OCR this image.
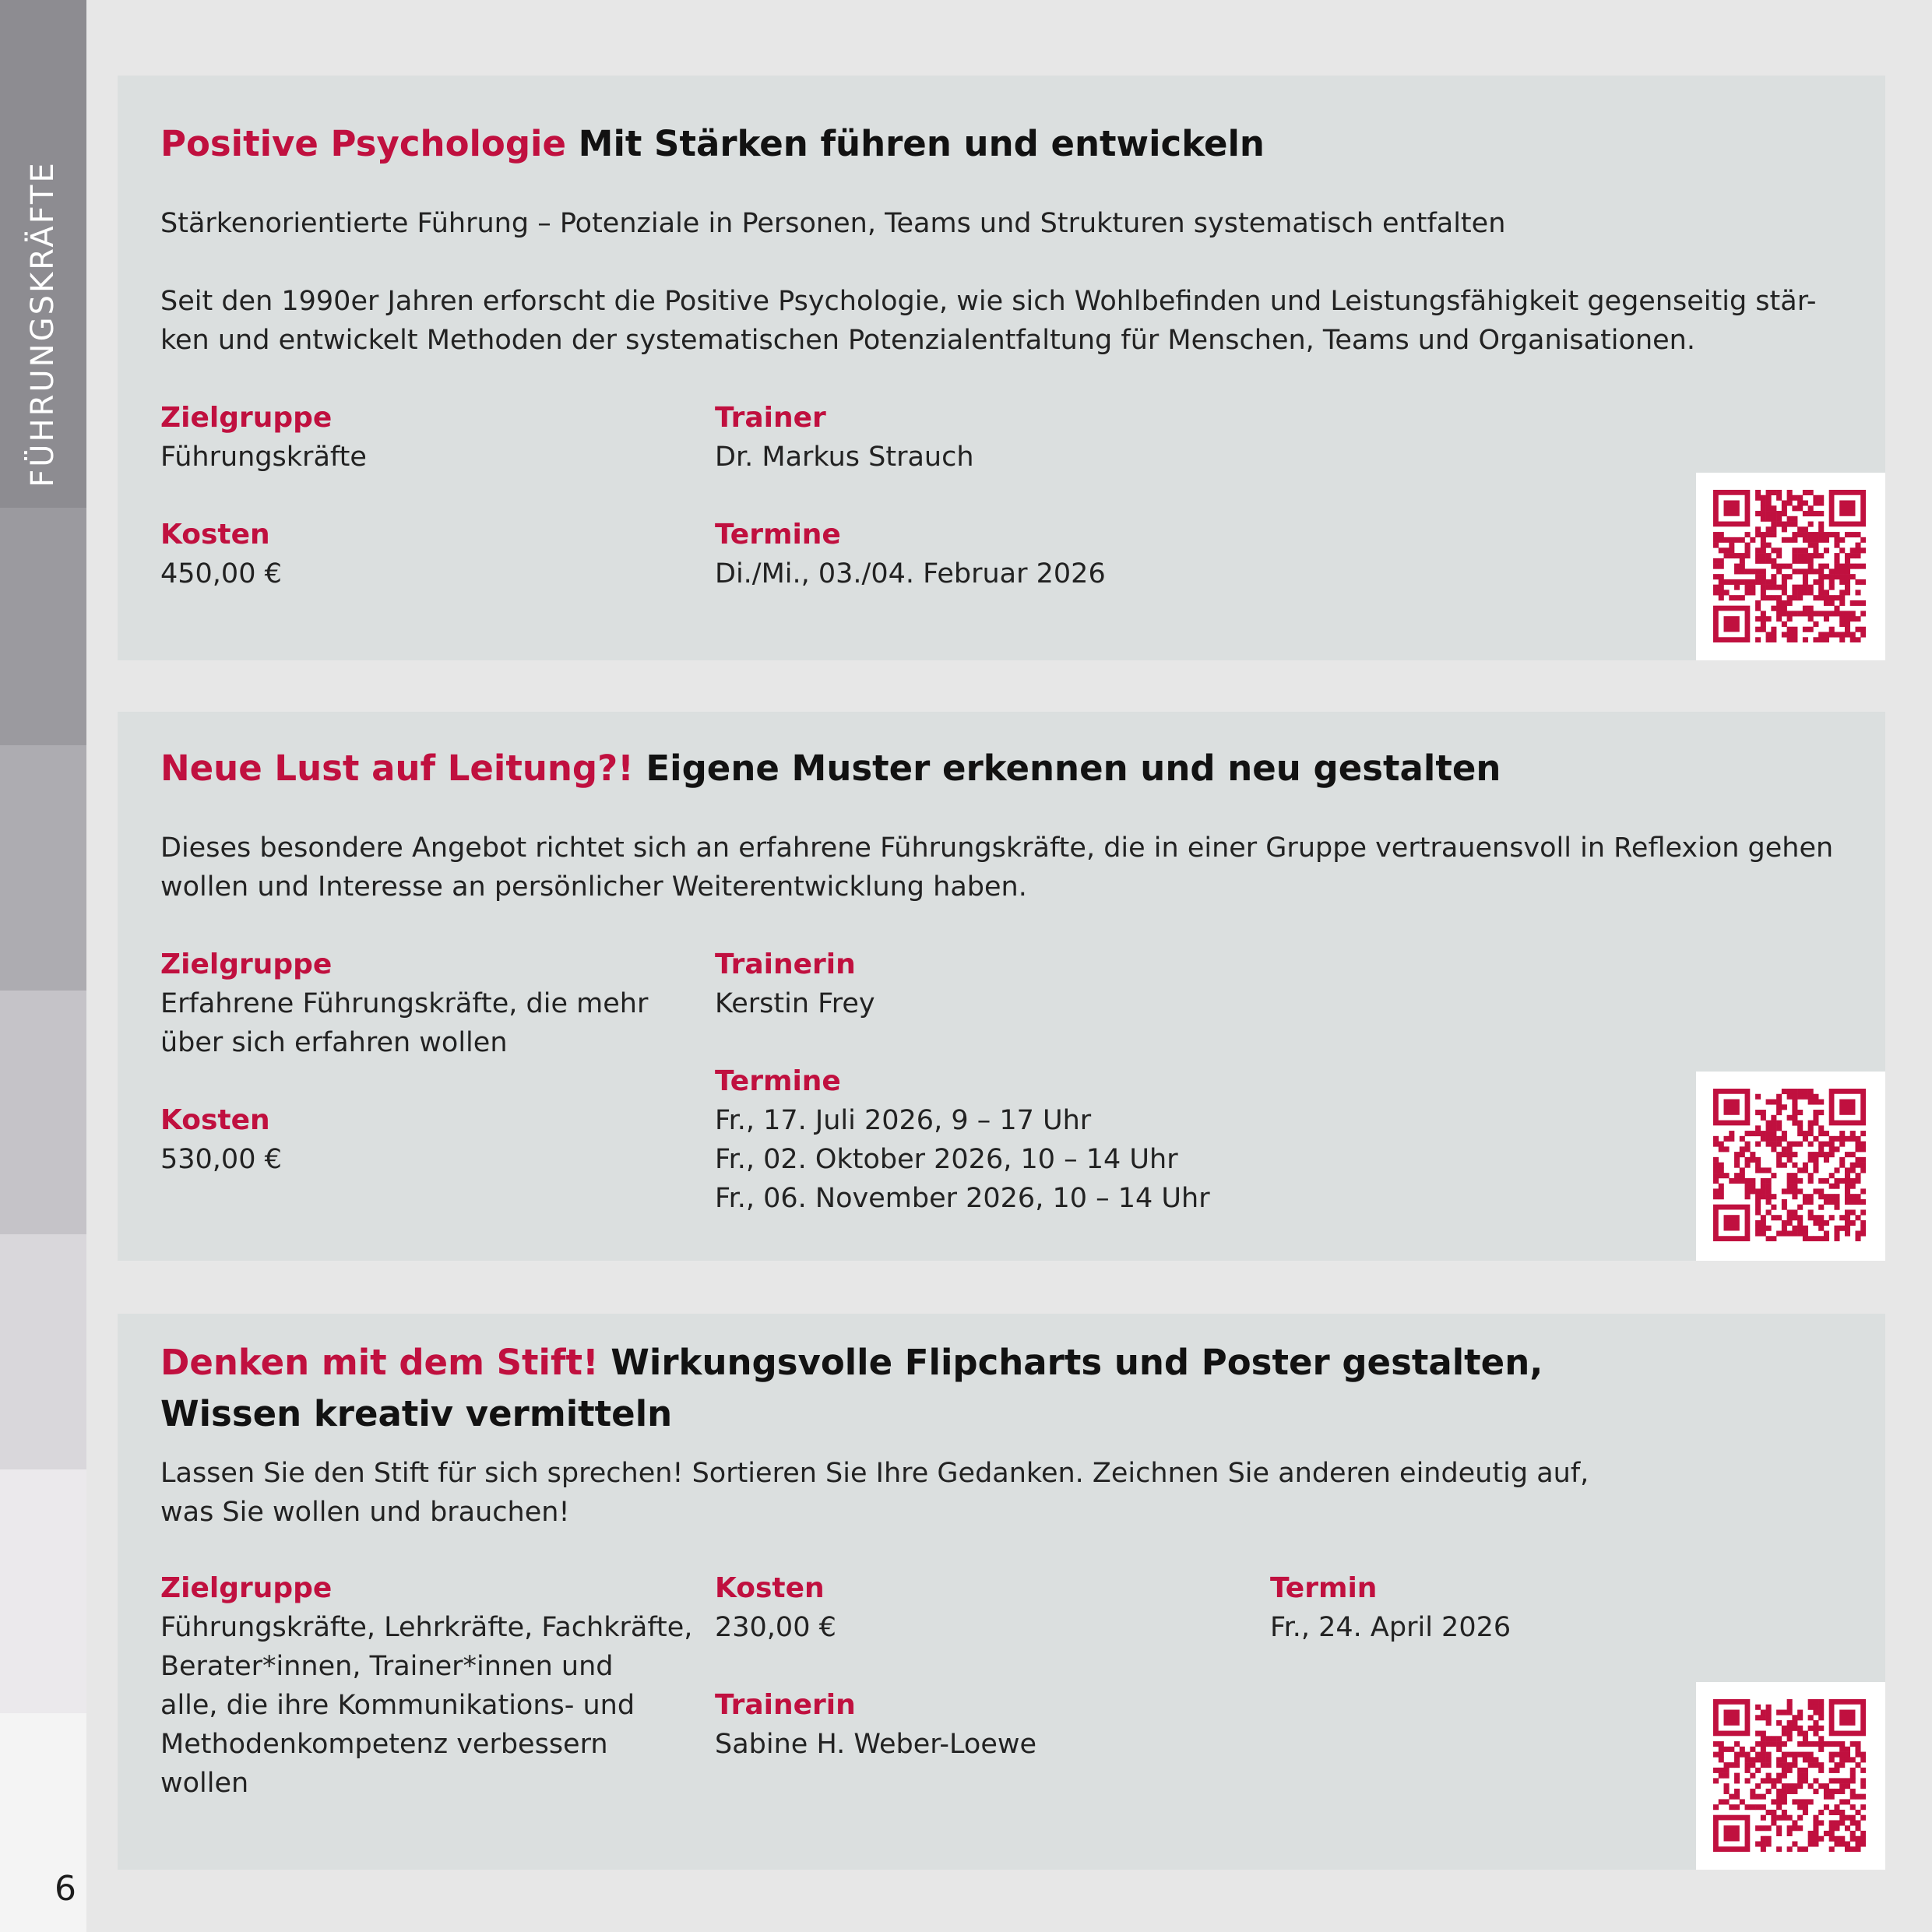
FÜHRUNGSKRÄFTE
6
Positive Psychologie Mit Stärken führen und entwickeln
Stärkenorientierte Führung – Potenziale in Personen, Teams und Strukturen systematisch entfalten
Seit den 1990er Jahren erforscht die Positive Psychologie, wie sich Wohlbefinden und Leistungsfähigkeit gegenseitig stär-
ken und entwickelt Methoden der systematischen Potenzialentfaltung für Menschen, Teams und Organisationen.
Zielgruppe
Führungskräfte
Trainer
Dr. Markus Strauch
Kosten
450,00 €
Termine
Di./Mi., 03./04. Februar 2026
Neue Lust auf Leitung?! Eigene Muster erkennen und neu gestalten
Dieses besondere Angebot richtet sich an erfahrene Führungskräfte, die in einer Gruppe vertrauensvoll in Reflexion gehen
wollen und Interesse an persönlicher Weiterentwicklung haben.
Zielgruppe
Erfahrene Führungskräfte, die mehr
über sich erfahren wollen
Trainerin
Kerstin Frey
Kosten
530,00 €
Termine
Fr., 17. Juli 2026, 9 – 17 Uhr
Fr., 02. Oktober 2026, 10 – 14 Uhr
Fr., 06. November 2026, 10 – 14 Uhr
Denken mit dem Stift! Wirkungsvolle Flipcharts und Poster gestalten,
Wissen kreativ vermitteln
Lassen Sie den Stift für sich sprechen! Sortieren Sie Ihre Gedanken. Zeichnen Sie anderen eindeutig auf,
was Sie wollen und brauchen!
Zielgruppe
Führungskräfte, Lehrkräfte, Fachkräfte,
Berater*innen, Trainer*innen und
alle, die ihre Kommunikations- und
Methodenkompetenz verbessern
wollen
Kosten
230,00 €
Trainerin
Sabine H. Weber-Loewe
Termin
Fr., 24. April 2026
